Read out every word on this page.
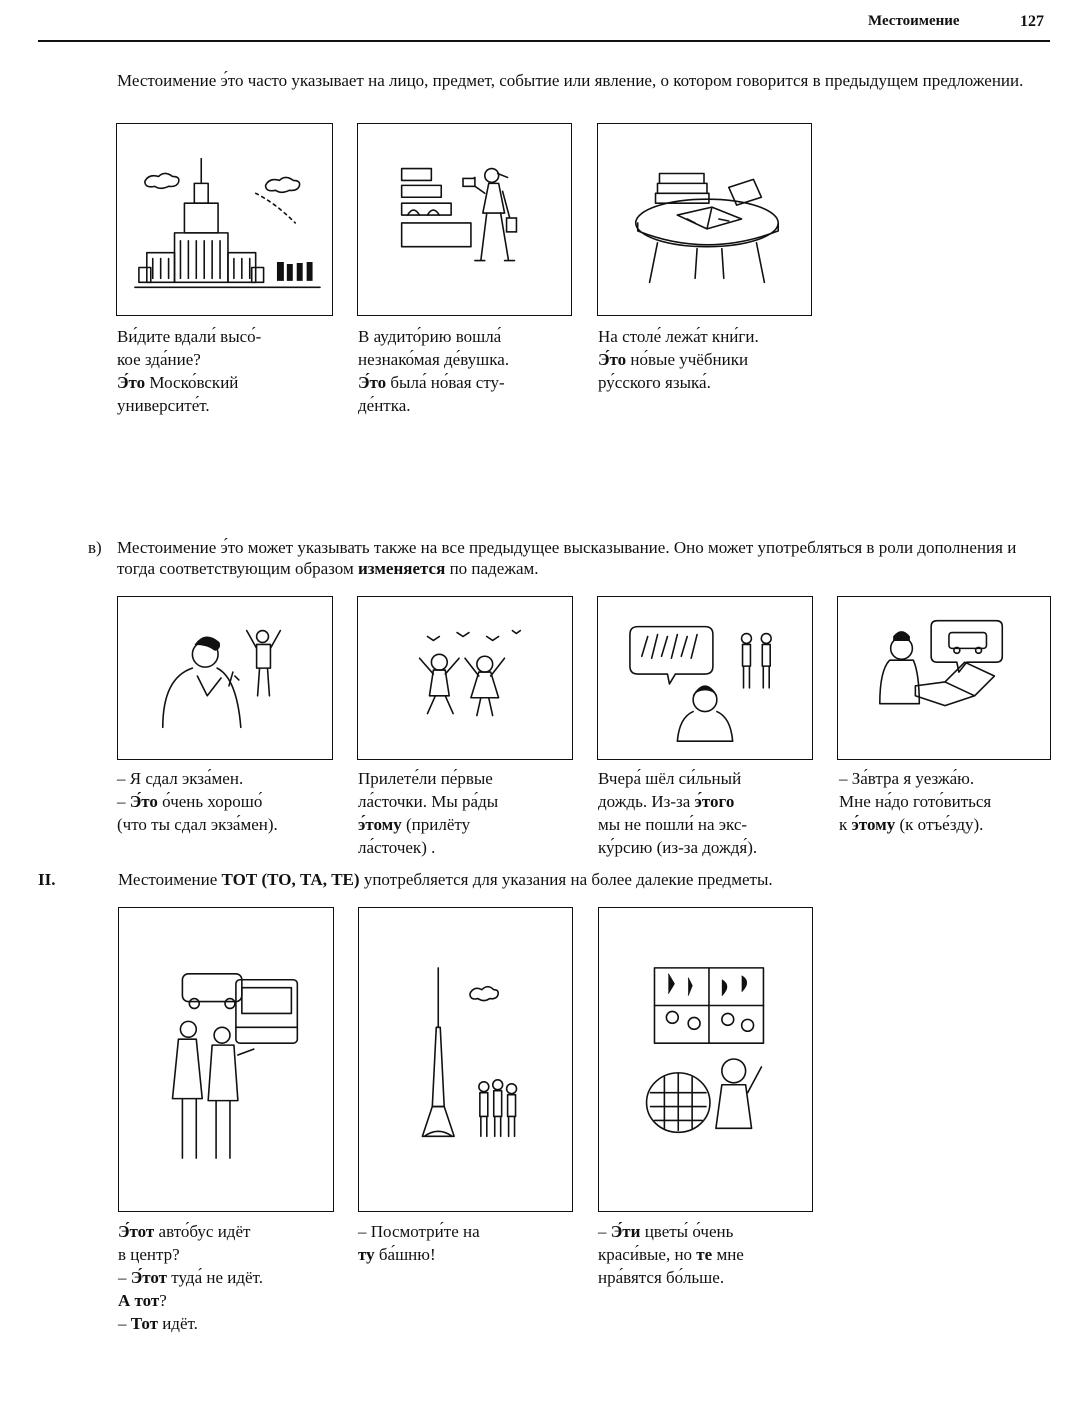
Местоимение	127
Местоимение э́то часто указывает на лицо, предмет, событие или явление, о котором говорится в предыдущем предложении.
Ви́дите вдали́ высо́-
кое зда́ние?
Э́то Моско́вский
университе́т.
В аудито́рию вошла́
незнако́мая де́вушка.
Э́то была́ но́вая сту-
де́нтка.
На столе́ лежа́т кни́ги.
Э́то но́вые учёбники
ру́сского языка́.
в) Местоимение э́то может указывать также на все предыдущее высказывание. Оно может употребляться в роли дополнения и тогда соответствующим образом изменяется по падежам.
– Я сдал экза́мен.
– Э́то о́чень хорошо́
(что ты сдал экза́мен).
Прилете́ли пе́рвые
ла́сточки. Мы ра́ды
э́тому (прилёту
ла́сточек) .
Вчера́ шёл си́льный
дождь. Из-за э́того
мы не пошли́ на экс-
ку́рсию (из-за дождя́).
– За́втра я уезжа́ю.
Мне на́до гото́виться
к э́тому (к отъе́зду).
II.	Местоимение ТОТ (ТО, ТА, ТЕ) употребляется для указания на более далекие предметы.
Э́тот авто́бус идёт
в центр?
– Э́тот туда́ не идёт.
А тот?
– Тот идёт.
– Посмотри́те на
ту ба́шню!
– Э́ти цветы́ о́чень
краси́вые, но те мне
нра́вятся бо́льше.
